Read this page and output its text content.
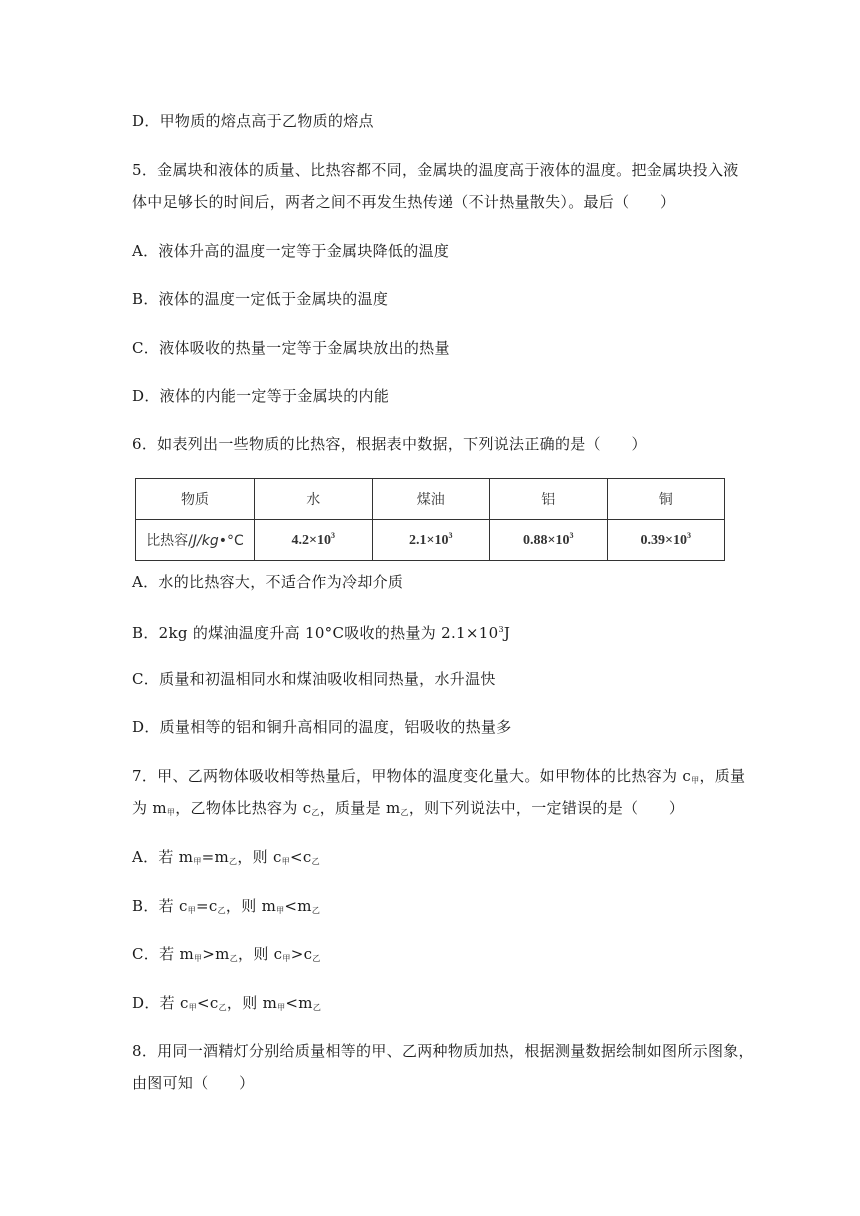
D．甲物质的熔点高于乙物质的熔点
5．金属块和液体的质量、比热容都不同，金属块的温度高于液体的温度。把金属块投入液
体中足够长的时间后，两者之间不再发生热传递（不计热量散失）。最后（　　）
A．液体升高的温度一定等于金属块降低的温度
B．液体的温度一定低于金属块的温度
C．液体吸收的热量一定等于金属块放出的热量
D．液体的内能一定等于金属块的内能
6．如表列出一些物质的比热容，根据表中数据，下列说法正确的是（　　）
物质	水	煤油	铝	铜
比热容/J/kg•°C	$4.2\times 10^3$	$2.1\times 10^3$	$0.88\times 10^3$	$0.39\times 10^3$
A．水的比热容大，不适合作为冷却介质
B．2kg 的煤油温度升高 10°C吸收的热量为 $2.1\times 10^3J$
C．质量和初温相同水和煤油吸收相同热量，水升温快
D．质量相等的铝和铜升高相同的温度，铝吸收的热量多
7．甲、乙两物体吸收相等热量后，甲物体的温度变化量大。如甲物体的比热容为 $c_甲$，质量
为 $m_甲$，乙物体比热容为 $c_乙$，质量是 $m_乙$，则下列说法中，一定错误的是（　　）
A．若 $m_甲=m_乙$，则 $c_甲<c_乙$
B．若 $c_甲=c_乙$，则 $m_甲<m_乙$
C．若 $m_甲>m_乙$，则 $c_甲>c_乙$
D．若 $c_甲<c_乙$，则 $m_甲<m_乙$
8．用同一酒精灯分别给质量相等的甲、乙两种物质加热，根据测量数据绘制如图所示图象，
由图可知（　　）
